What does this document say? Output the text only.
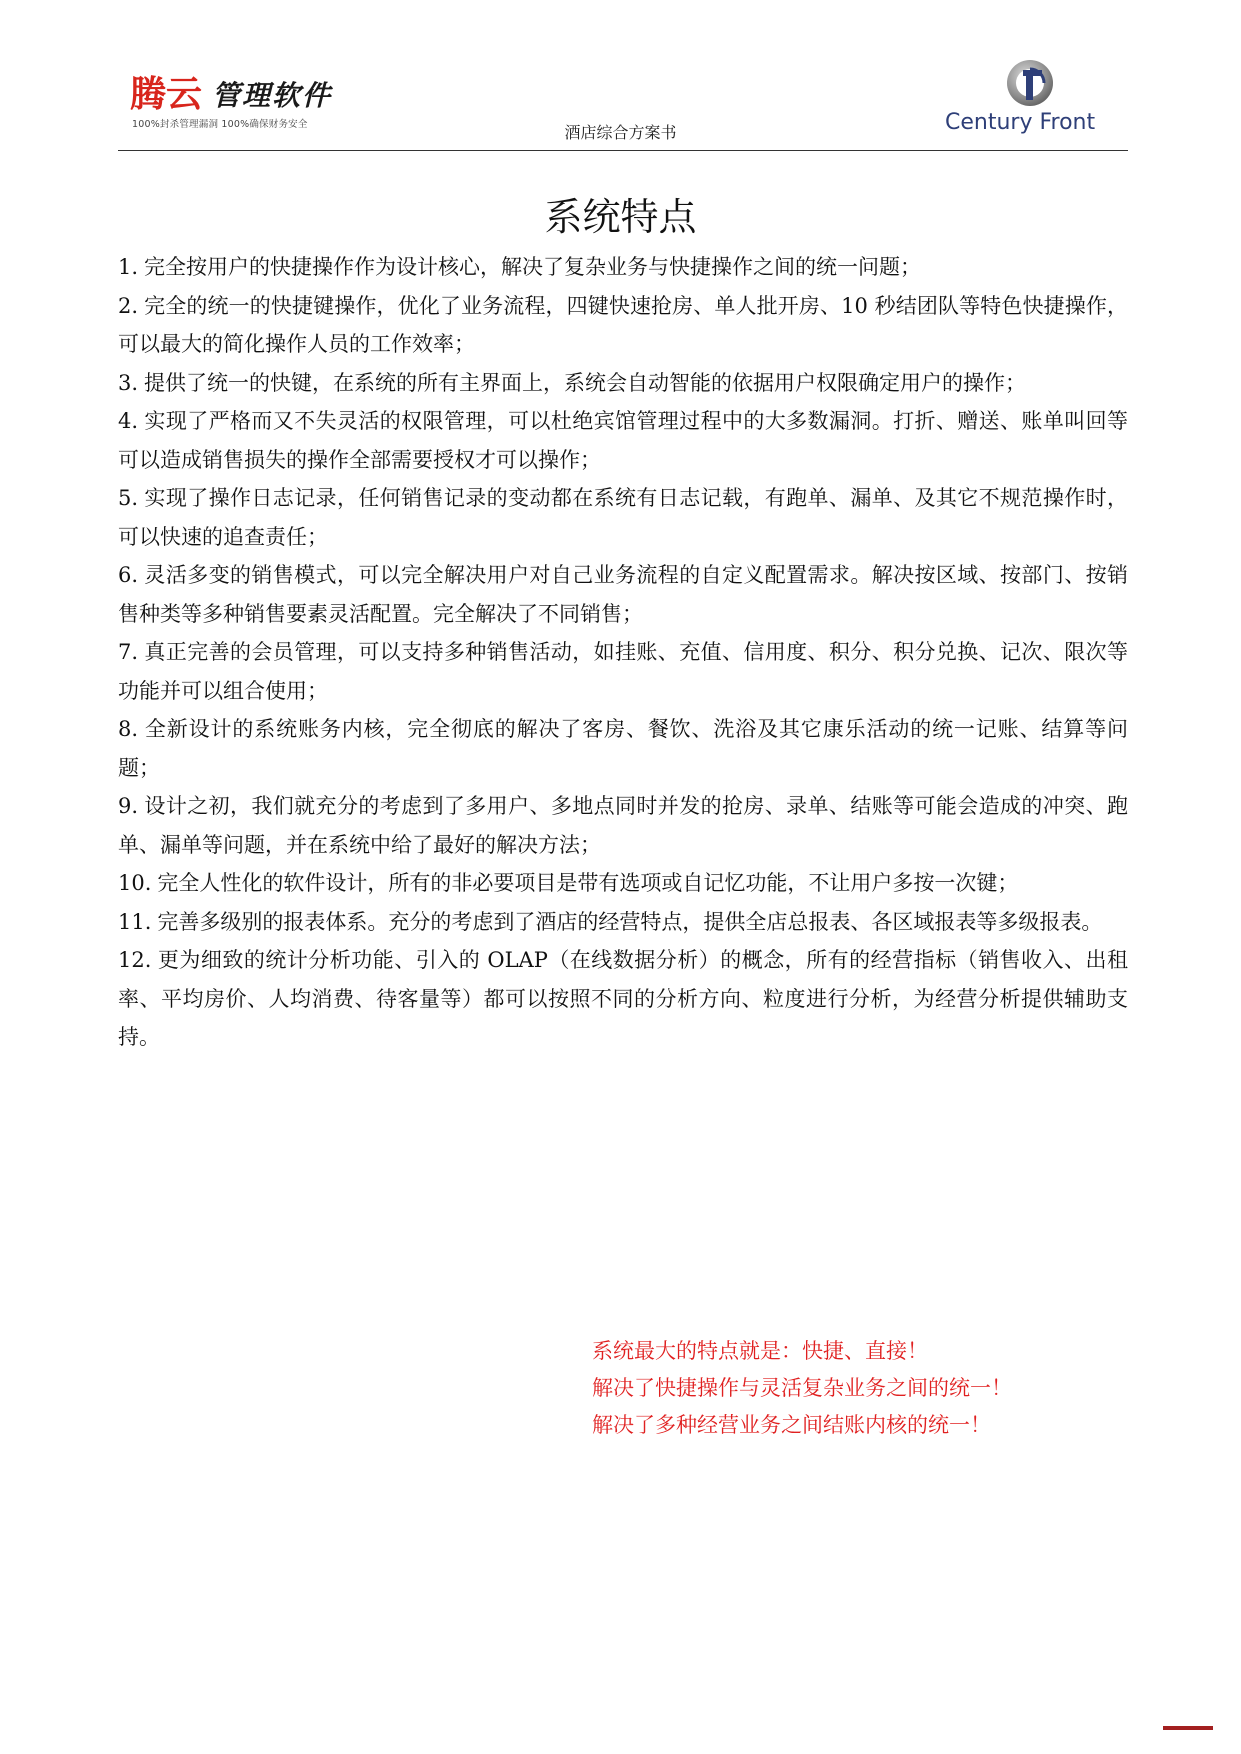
腾云 管理软件
100%封杀管理漏洞 100%确保财务安全	酒店综合方案书	Century Front
系统特点
1. 完全按用户的快捷操作作为设计核心，解决了复杂业务与快捷操作之间的统一问题；
2. 完全的统一的快捷键操作，优化了业务流程，四键快速抢房、单人批开房、10 秒结团队等特色快捷操作，可以最大的简化操作人员的工作效率；
3. 提供了统一的快键，在系统的所有主界面上，系统会自动智能的依据用户权限确定用户的操作；
4. 实现了严格而又不失灵活的权限管理，可以杜绝宾馆管理过程中的大多数漏洞。打折、赠送、账单叫回等可以造成销售损失的操作全部需要授权才可以操作；
5. 实现了操作日志记录，任何销售记录的变动都在系统有日志记载，有跑单、漏单、及其它不规范操作时，可以快速的追查责任；
6. 灵活多变的销售模式，可以完全解决用户对自己业务流程的自定义配置需求。解决按区域、按部门、按销售种类等多种销售要素灵活配置。完全解决了不同销售；
7. 真正完善的会员管理，可以支持多种销售活动，如挂账、充值、信用度、积分、积分兑换、记次、限次等功能并可以组合使用；
8. 全新设计的系统账务内核，完全彻底的解决了客房、餐饮、洗浴及其它康乐活动的统一记账、结算等问题；
9. 设计之初，我们就充分的考虑到了多用户、多地点同时并发的抢房、录单、结账等可能会造成的冲突、跑单、漏单等问题，并在系统中给了最好的解决方法；
10. 完全人性化的软件设计，所有的非必要项目是带有选项或自记忆功能，不让用户多按一次键；
11. 完善多级别的报表体系。充分的考虑到了酒店的经营特点，提供全店总报表、各区域报表等多级报表。
12. 更为细致的统计分析功能、引入的 OLAP（在线数据分析）的概念，所有的经营指标（销售收入、出租率、平均房价、人均消费、待客量等）都可以按照不同的分析方向、粒度进行分析，为经营分析提供辅助支持。
系统最大的特点就是：快捷、直接！
解决了快捷操作与灵活复杂业务之间的统一！
解决了多种经营业务之间结账内核的统一！
